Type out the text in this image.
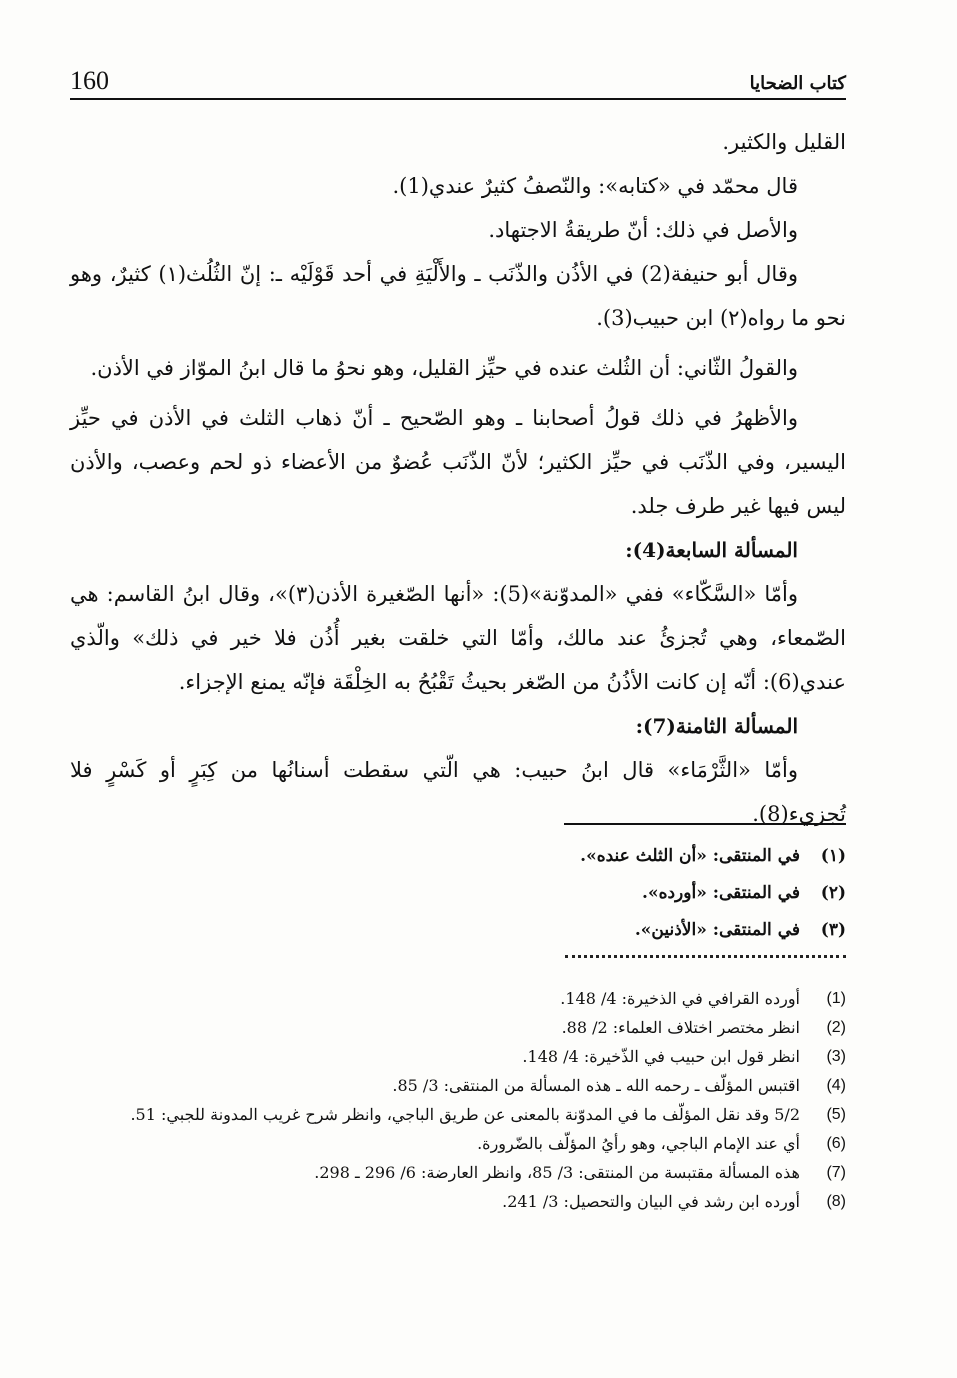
كتاب الضحايا
160

القليل والكثير.

قال محمّد في «كتابه»: والنّصفُ كثيرٌ عندي(1).

والأصل في ذلك: أنّ طريقةُ الاجتهاد.

وقال أبو حنيفة(2) في الأذُن والذّنَب ـ والأَلْيَةِ في أحد قَوْلَيْه ـ: إنّ الثُلُث(١) كثيرٌ، وهو نحو ما رواه(٢) ابن حبيب(3).

والقولُ الثّاني: أن الثُلث عنده في حيِّز القليل، وهو نحوُ ما قال ابنُ الموّاز في الأذن.

والأظهرُ في ذلك قولُ أصحابنا ـ وهو الصّحيح ـ أنّ ذهاب الثلث في الأذن في حيِّز اليسير، وفي الذّنَب في حيِّز الكثير؛ لأنّ الذّنَب عُضوٌ من الأعضاء ذو لحم وعصب، والأذن ليس فيها غير طرف جلد.

المسألة السابعة(4):

وأمّا «السَّكّاء» ففي «المدوّنة»(5): «أنها الصّغيرة الأذن(٣)»، وقال ابنُ القاسم: هي الصّمعاء، وهي تُجزئُ عند مالك، وأمّا التي خلقت بغير أُذُن فلا خير في ذلك» والّذي عندي(6): أنّه إن كانت الأذُنُ من الصّغر بحيثُ تَقْبُحُ به الخِلْقَة فإنّه يمنع الإجزاء.

المسألة الثامنة(7):

وأمّا «الثَّرْمَاء» قال ابنُ حبيب: هي الّتي سقطت أسنانُها من كِبَرٍ أو كَسْرٍ فلا تُجزيء(8).

(١)
في المنتقى: «أن الثلث عنده».
(٢)
في المنتقى: «أورده».
(٣)
في المنتقى: «الأذنين».
(1)
أورده القرافي في الذخيرة: 4/ 148.
(2)
انظر مختصر اختلاف العلماء: 2/ 88.
(3)
انظر قول ابن حبيب في الذّخيرة: 4/ 148.
(4)
اقتبس المؤلّف ـ رحمه الله ـ هذه المسألة من المنتقى: 3/ 85.
(5)
5/2 وقد نقل المؤلّف ما في المدوّنة بالمعنى عن طريق الباجي، وانظر شرح غريب المدونة للجبي: 51.
(6)
أي عند الإمام الباجي، وهو رأيُ المؤلّف بالضّرورة.
(7)
هذه المسألة مقتبسة من المنتقى: 3/ 85، وانظر العارضة: 6/ 296 ـ 298.
(8)
أورده ابن رشد في البيان والتحصيل: 3/ 241.
